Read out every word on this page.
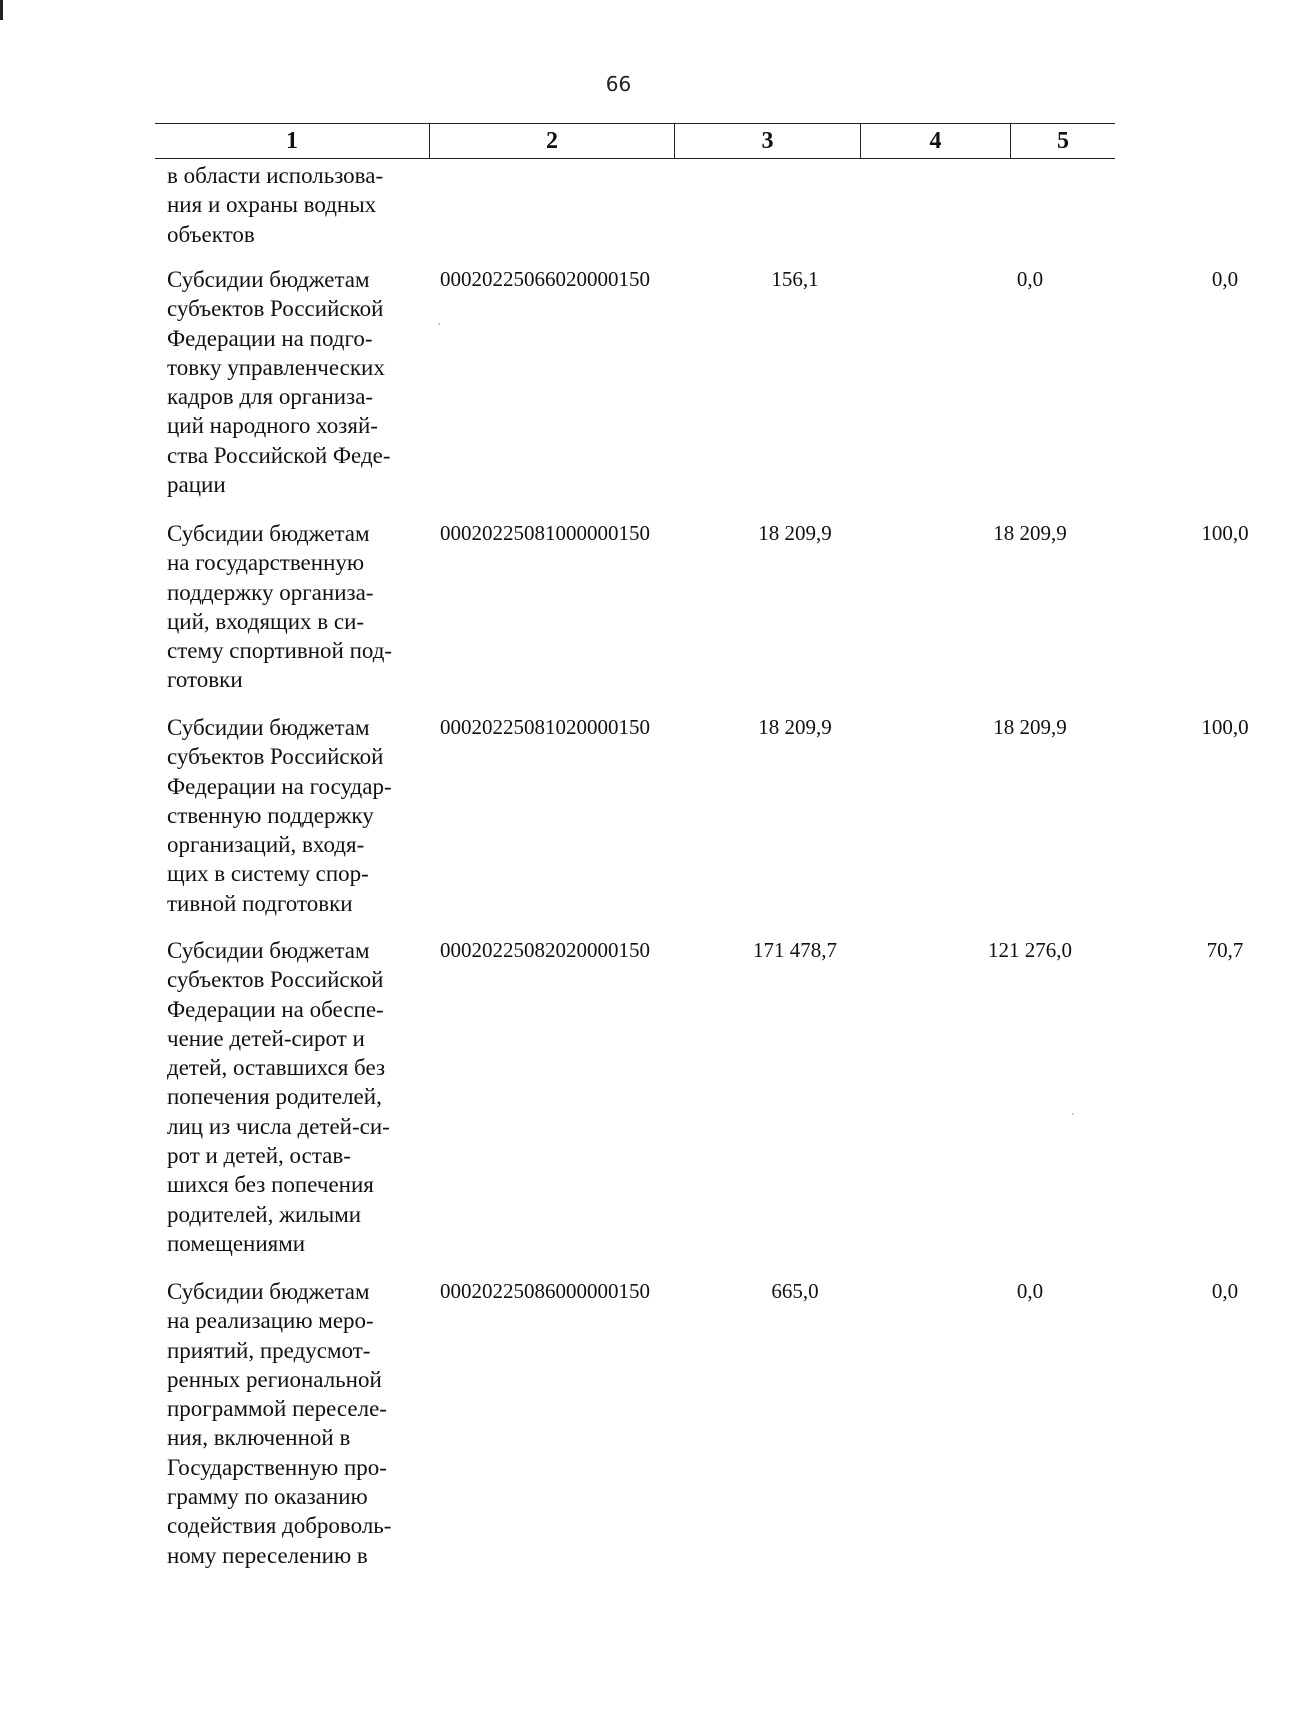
66
1	2	3	4	5
в области использова-
ния и охраны водных
объектов
Субсидии бюджетам
субъектов Российской
Федерации на подго-
товку управленческих
кадров для организа-
ций народного хозяй-
ства Российской Феде-
рации
00020225066020000150	156,1	0,0	0,0
Субсидии бюджетам
на государственную
поддержку организа-
ций, входящих в си-
стему спортивной под-
готовки
00020225081000000150	18 209,9	18 209,9	100,0
Субсидии бюджетам
субъектов Российской
Федерации на государ-
ственную поддержку
организаций, входя-
щих в систему спор-
тивной подготовки
00020225081020000150	18 209,9	18 209,9	100,0
Субсидии бюджетам
субъектов Российской
Федерации на обеспе-
чение детей-сирот и
детей, оставшихся без
попечения родителей,
лиц из числа детей-си-
рот и детей, остав-
шихся без попечения
родителей, жилыми
помещениями
00020225082020000150	171 478,7	121 276,0	70,7
Субсидии бюджетам
на реализацию меро-
приятий, предусмот-
ренных региональной
программой переселе-
ния, включенной в
Государственную про-
грамму по оказанию
содействия доброволь-
ному переселению в
00020225086000000150	665,0	0,0	0,0
